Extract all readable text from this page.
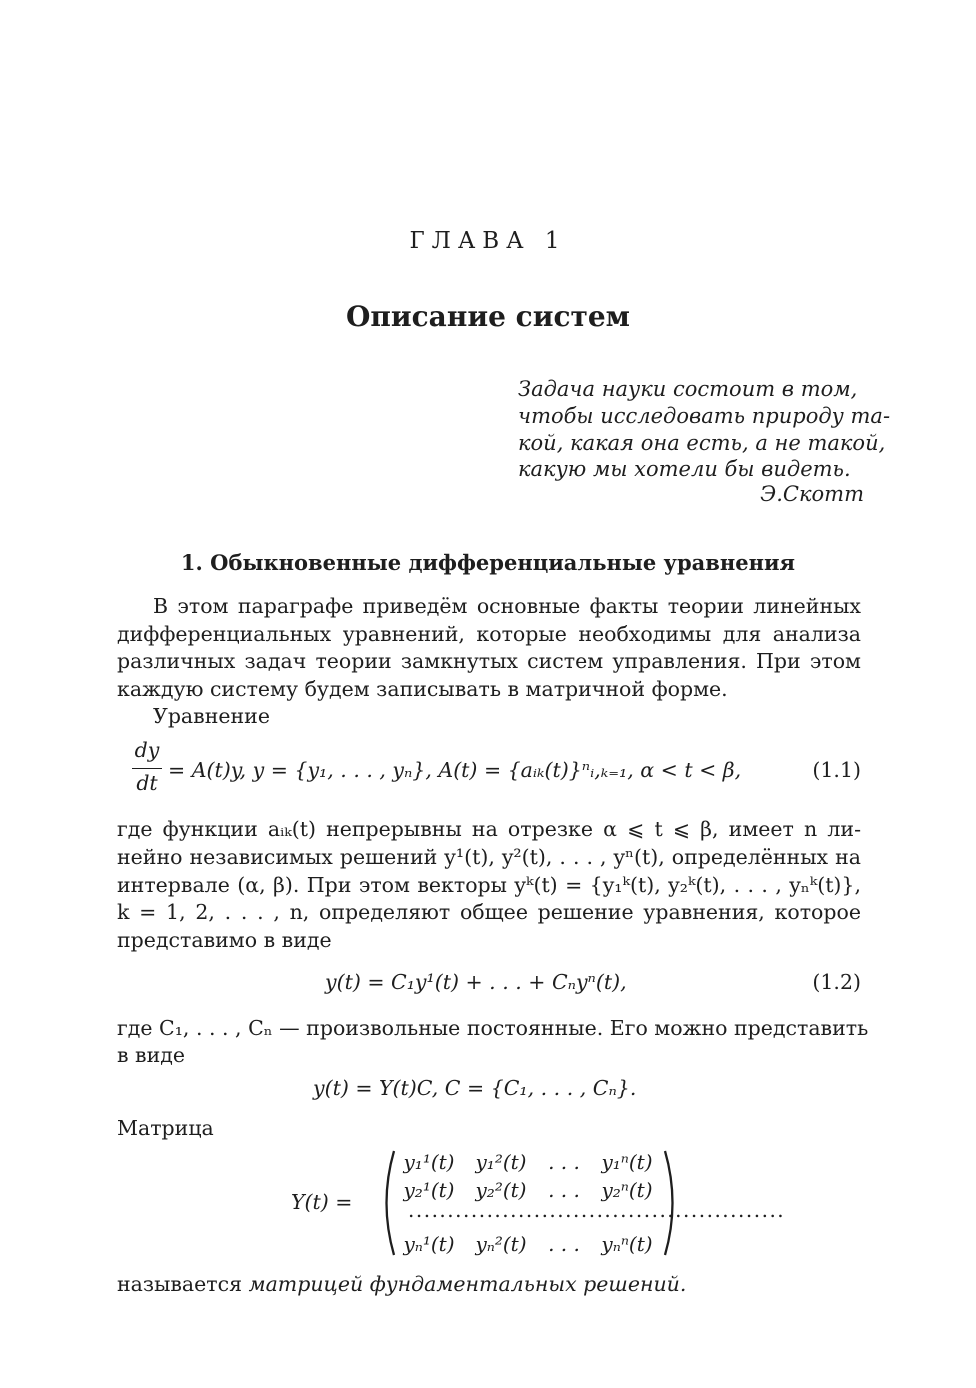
ГЛАВА 1
Описание систем
Задача науки состоит в том,
чтобы исследовать природу та-
кой, какая она есть, а не такой,
какую мы хотели бы видеть.
Э.Скотт
1. Обыкновенные дифференциальные уравнения
В этом параграфе приведём основные факты теории линейных
дифференциальных уравнений, которые необходимы для анализа
различных задач теории замкнутых систем управления. При этом
каждую систему будем записывать в матричной форме.
Уравнение
dy
dt
= A(t)y, y = {y₁, . . . , yₙ}, A(t) = {aᵢₖ(t)}ⁿᵢ,ₖ₌₁, α < t < β,	(1.1)
где функции aᵢₖ(t) непрерывны на отрезке α ⩽ t ⩽ β, имеет n ли-
нейно независимых решений y¹(t), y²(t), . . . , yⁿ(t), определённых на
интервале (α, β). При этом векторы yᵏ(t) = {y₁ᵏ(t), y₂ᵏ(t), . . . , yₙᵏ(t)},
k = 1, 2, . . . , n, определяют общее решение уравнения, которое
представимо в виде
y(t) = C₁y¹(t) + . . . + Cₙyⁿ(t),	(1.2)
где C₁, . . . , Cₙ — произвольные постоянные. Его можно представить
в виде
y(t) = Y(t)C, C = {C₁, . . . , Cₙ}.
Матрица
Y(t) =
y₁¹(t)	y₁²(t)	. . .	y₁ⁿ(t)
y₂¹(t)	y₂²(t)	. . .	y₂ⁿ(t)
................................................
yₙ¹(t)	yₙ²(t)	. . .	yₙⁿ(t)
называется матрицей фундаментальных решений.
